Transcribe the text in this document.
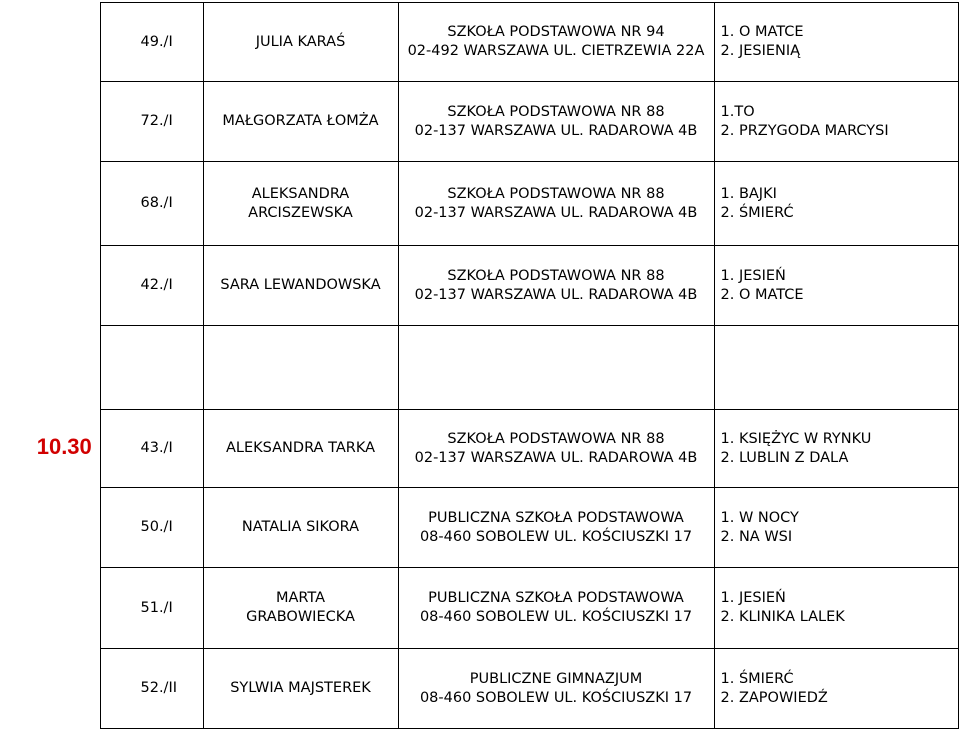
	49./I	JULIA KARAŚ	SZKOŁA PODSTAWOWA NR 94
02-492 WARSZAWA UL. CIETRZEWIA 22A	1. O MATCE
2. JESIENIĄ

	72./I	MAŁGORZATA ŁOMŻA	SZKOŁA PODSTAWOWA NR 88
02-137 WARSZAWA UL. RADAROWA 4B	1.TO
2. PRZYGODA MARCYSI

	68./I	ALEKSANDRA
ARCISZEWSKA	SZKOŁA PODSTAWOWA NR 88
02-137 WARSZAWA UL. RADAROWA 4B	1. BAJKI
2. ŚMIERĆ

	42./I	SARA LEWANDOWSKA	SZKOŁA PODSTAWOWA NR 88
02-137 WARSZAWA UL. RADAROWA 4B	1. JESIEŃ
2. O MATCE

10.30	43./I	ALEKSANDRA TARKA	SZKOŁA PODSTAWOWA NR 88
02-137 WARSZAWA UL. RADAROWA 4B	1. KSIĘŻYC W RYNKU
2. LUBLIN Z DALA

	50./I	NATALIA SIKORA	PUBLICZNA SZKOŁA PODSTAWOWA
08-460 SOBOLEW UL. KOŚCIUSZKI 17	1. W NOCY
2. NA WSI

	51./I	MARTA
GRABOWIECKA	PUBLICZNA SZKOŁA PODSTAWOWA
08-460 SOBOLEW UL. KOŚCIUSZKI 17	1. JESIEŃ
2. KLINIKA LALEK

	52./II	SYLWIA MAJSTEREK	PUBLICZNE GIMNAZJUM
08-460 SOBOLEW UL. KOŚCIUSZKI 17	1. ŚMIERĆ
2. ZAPOWIEDŹ
